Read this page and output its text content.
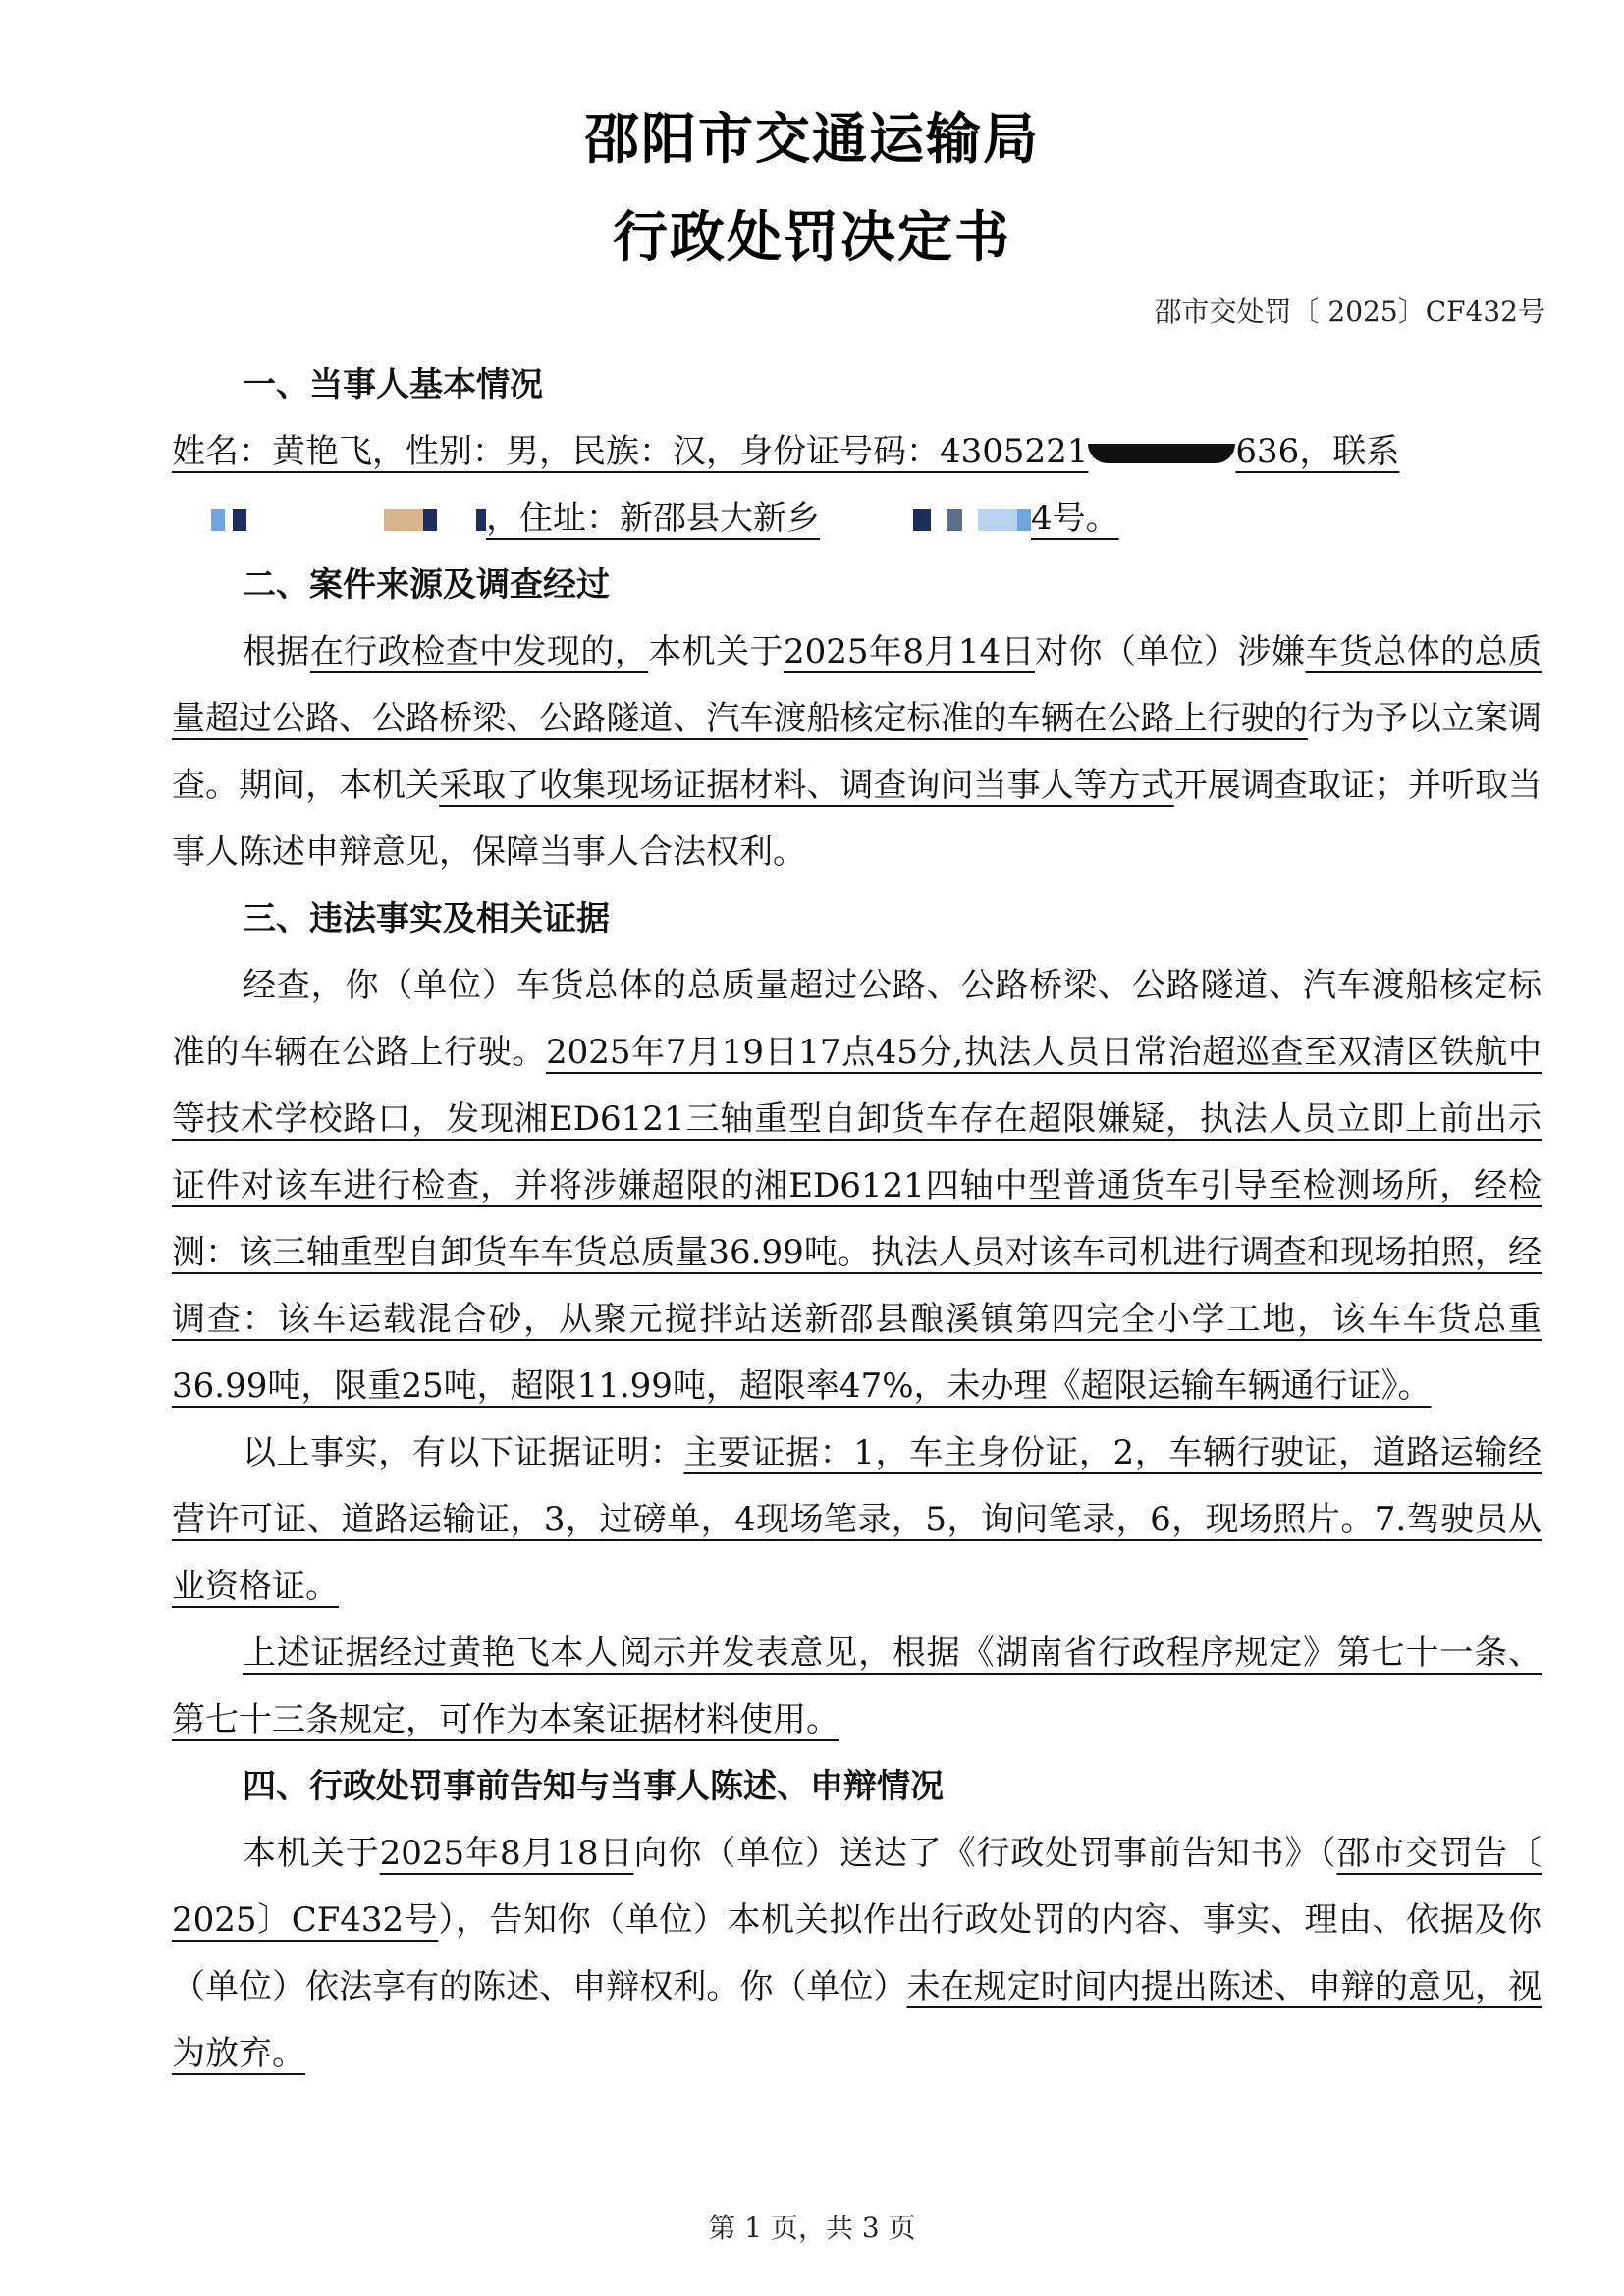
邵阳市交通运输局
行政处罚决定书
邵市交处罚〔 2025〕CF432号
一、当事人基本情况
姓名：黄艳飞，性别：男，民族：汉，身份证号码：4305221	636，联系
，住址：新邵县大新乡	4号。
二、案件来源及调查经过
根据在行政检查中发现的，本机关于2025年8月14日对你（单位）涉嫌车货总体的总质量超过公路、公路桥梁、公路隧道、汽车渡船核定标准的车辆在公路上行驶的行为予以立案调查。期间，本机关采取了收集现场证据材料、调查询问当事人等方式开展调查取证；并听取当事人陈述申辩意见，保障当事人合法权利。
三、违法事实及相关证据
经查，你（单位）车货总体的总质量超过公路、公路桥梁、公路隧道、汽车渡船核定标准的车辆在公路上行驶。2025年7月19日17点45分,执法人员日常治超巡查至双清区铁航中等技术学校路口，发现湘ED6121三轴重型自卸货车存在超限嫌疑，执法人员立即上前出示证件对该车进行检查，并将涉嫌超限的湘ED6121四轴中型普通货车引导至检测场所，经检测：该三轴重型自卸货车车货总质量36.99吨。执法人员对该车司机进行调查和现场拍照，经调查：该车运载混合砂，从聚元搅拌站送新邵县酿溪镇第四完全小学工地，该车车货总重36.99吨，限重25吨，超限11.99吨，超限率47%，未办理《超限运输车辆通行证》。
以上事实，有以下证据证明：主要证据：1，车主身份证，2，车辆行驶证，道路运输经营许可证、道路运输证，3，过磅单，4现场笔录，5，询问笔录，6，现场照片。7.驾驶员从业资格证。
上述证据经过黄艳飞本人阅示并发表意见，根据《湖南省行政程序规定》第七十一条、第七十三条规定，可作为本案证据材料使用。
四、行政处罚事前告知与当事人陈述、申辩情况
本机关于2025年8月18日向你（单位）送达了《行政处罚事前告知书》（邵市交罚告〔 2025〕CF432号），告知你（单位）本机关拟作出行政处罚的内容、事实、理由、依据及你（单位）依法享有的陈述、申辩权利。你（单位）未在规定时间内提出陈述、申辩的意见，视为放弃。
第 1 页，共 3 页
